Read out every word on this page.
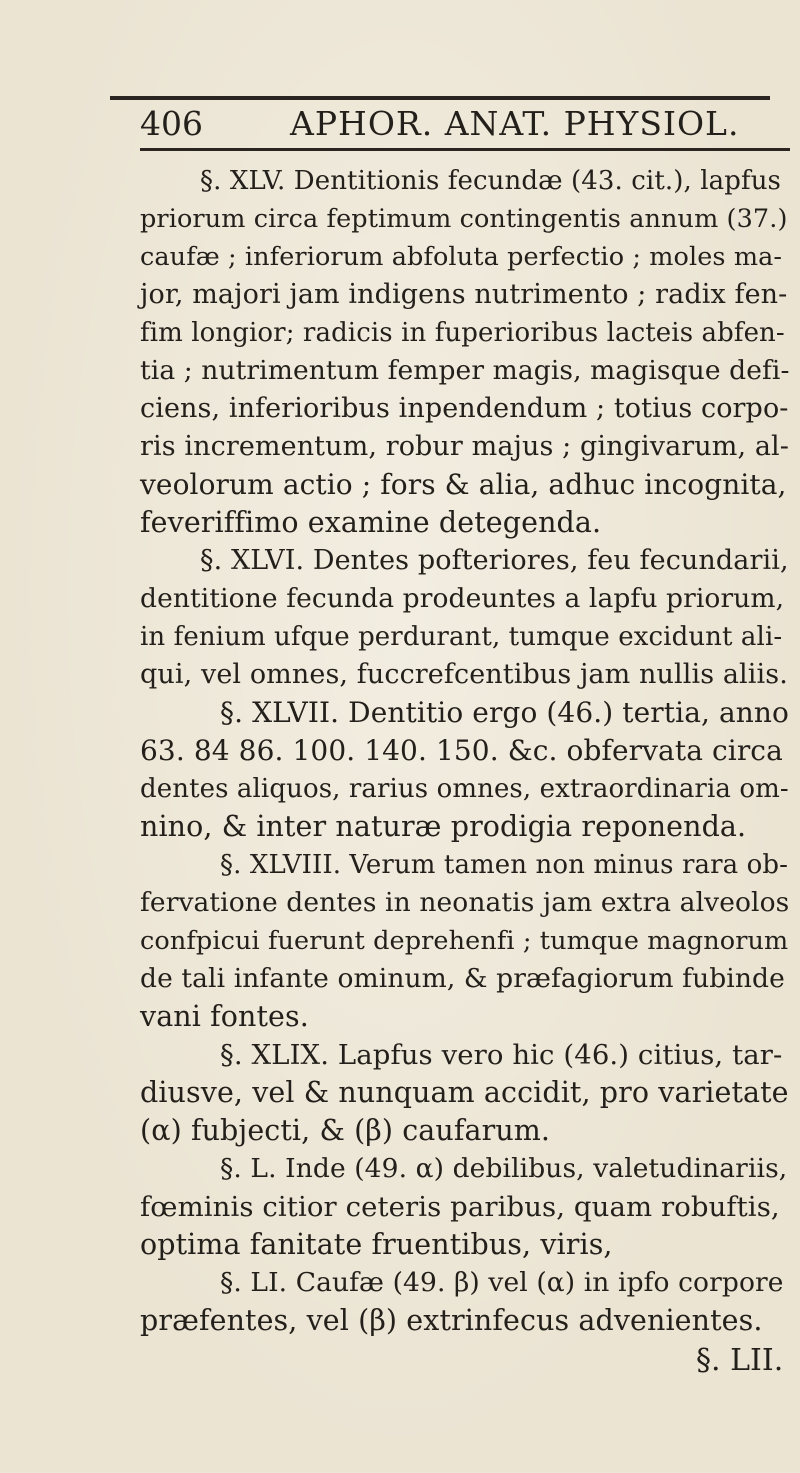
406	APHOR. ANAT. PHYSIOL.
§. XLV. Dentitionis fecundæ (43. cit.), lapfus
priorum circa feptimum contingentis annum (37.)
caufæ ; inferiorum abfoluta perfectio ; moles ma-
jor, majori jam indigens nutrimento ; radix fen-
fim longior; radicis in fuperioribus lacteis abfen-
tia ; nutrimentum femper magis, magisque defi-
ciens, inferioribus inpendendum ; totius corpo-
ris incrementum, robur majus ; gingivarum, al-
veolorum actio ; fors & alia, adhuc incognita,
feveriffimo examine detegenda.
§. XLVI. Dentes pofteriores, feu fecundarii,
dentitione fecunda prodeuntes a lapfu priorum,
in fenium ufque perdurant, tumque excidunt ali-
qui, vel omnes, fuccrefcentibus jam nullis aliis.
§. XLVII. Dentitio ergo (46.) tertia, anno
63. 84 86. 100. 140. 150. &c. obfervata circa
dentes aliquos, rarius omnes, extraordinaria om-
nino, & inter naturæ prodigia reponenda.
§. XLVIII. Verum tamen non minus rara ob-
fervatione dentes in neonatis jam extra alveolos
confpicui fuerunt deprehenfi ; tumque magnorum
de tali infante ominum, & præfagiorum fubinde
vani fontes.
§. XLIX. Lapfus vero hic (46.) citius, tar-
diusve, vel & nunquam accidit, pro varietate
(α) fubjecti, & (β) caufarum.
§. L. Inde (49. α) debilibus, valetudinariis,
fœminis citior ceteris paribus, quam robuftis,
optima fanitate fruentibus, viris,
§. LI. Caufæ (49. β) vel (α) in ipfo corpore
præfentes, vel (β) extrinfecus advenientes.
§. LII.
